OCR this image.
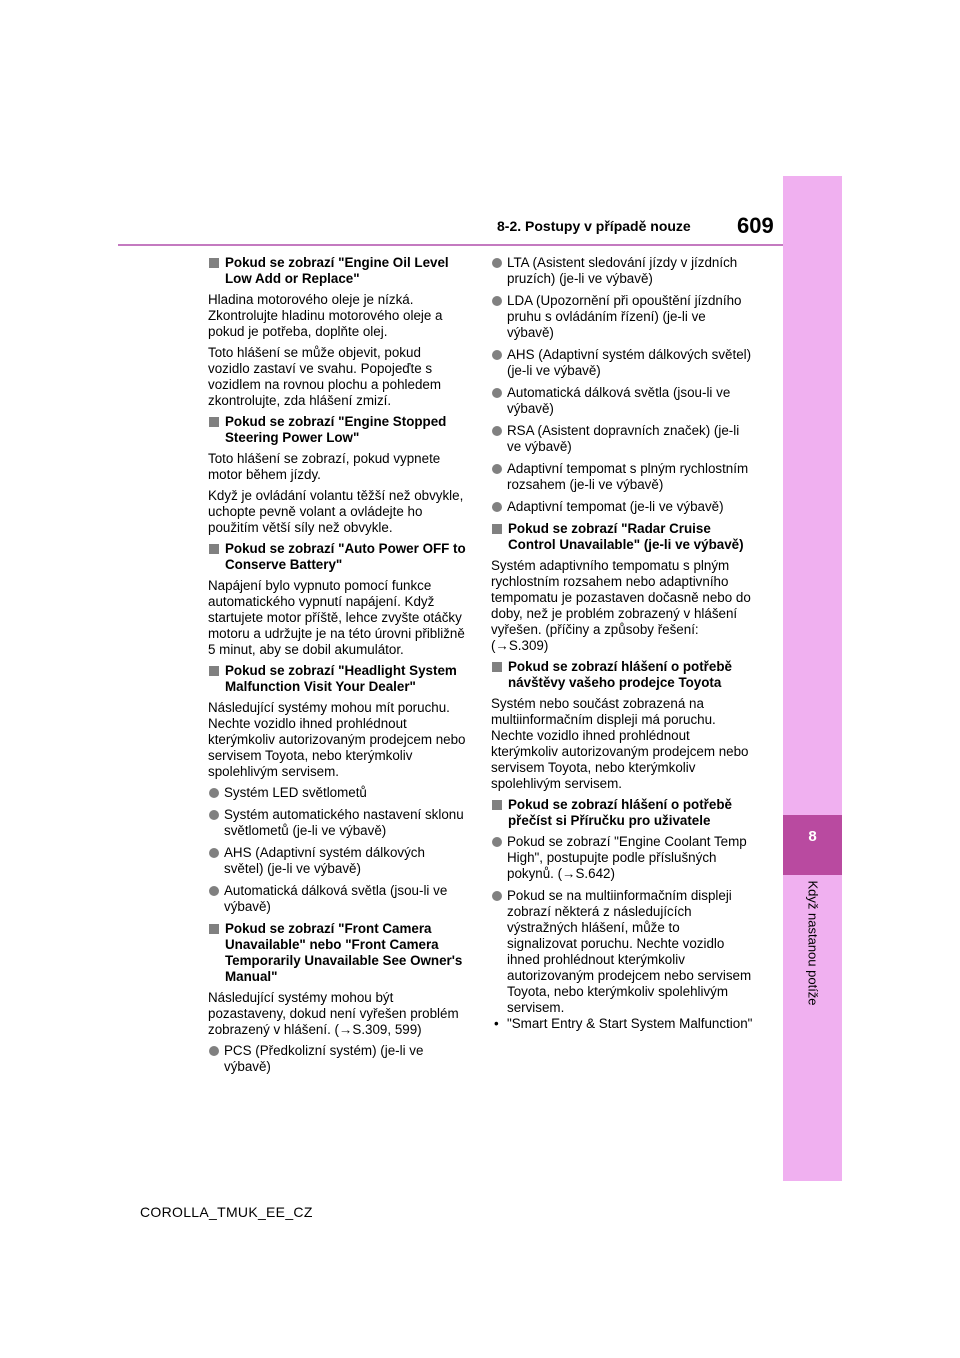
8
Když nastanou potíže
8-2. Postupy v případě nouze 609
Pokud se zobrazí "Engine Oil Level Low Add or Replace"

Hladina motorového oleje je nízká. Zkontrolujte hladinu motorového oleje a pokud je potřeba, doplňte olej.

Toto hlášení se může objevit, pokud vozidlo zastaví ve svahu. Popojeďte s vozidlem na rovnou plochu a pohledem zkontrolujte, zda hlášení zmizí.

Pokud se zobrazí "Engine Stopped Steering Power Low"

Toto hlášení se zobrazí, pokud vypnete motor během jízdy.

Když je ovládání volantu těžší než obvykle, uchopte pevně volant a ovládejte ho použitím větší síly než obvykle.

Pokud se zobrazí "Auto Power OFF to Conserve Battery"

Napájení bylo vypnuto pomocí funkce automatického vypnutí napájení. Když startujete motor příště, lehce zvyšte otáčky motoru a udržujte je na této úrovni přibližně 5 minut, aby se dobil akumulátor.

Pokud se zobrazí "Headlight System Malfunction Visit Your Dealer"

Následující systémy mohou mít poruchu. Nechte vozidlo ihned prohlédnout kterýmkoliv autorizovaným prodejcem nebo servisem Toyota, nebo kterýmkoliv spolehlivým servisem.

Systém LED světlometů
Systém automatického nastavení sklonu světlometů (je-li ve výbavě)
AHS (Adaptivní systém dálkových světel) (je-li ve výbavě)
Automatická dálková světla (jsou-li ve výbavě)
Pokud se zobrazí "Front Camera Unavailable" nebo "Front Camera Temporarily Unavailable See Owner's Manual"

Následující systémy mohou být pozastaveny, dokud není vyřešen problém zobrazený v hlášení. (→S.309, 599)

PCS (Předkolizní systém) (je-li ve výbavě)
LTA (Asistent sledování jízdy v jízdních pruzích) (je-li ve výbavě)
LDA (Upozornění při opouštění jízdního pruhu s ovládáním řízení) (je-li ve výbavě)
AHS (Adaptivní systém dálkových světel) (je-li ve výbavě)
Automatická dálková světla (jsou-li ve výbavě)
RSA (Asistent dopravních značek) (je-li ve výbavě)
Adaptivní tempomat s plným rychlostním rozsahem (je-li ve výbavě)
Adaptivní tempomat (je-li ve výbavě)
Pokud se zobrazí "Radar Cruise Control Unavailable" (je-li ve výbavě)

Systém adaptivního tempomatu s plným rychlostním rozsahem nebo adaptivního tempomatu je pozastaven dočasně nebo do doby, než je problém zobrazený v hlášení vyřešen. (příčiny a způsoby řešení: (→S.309)

Pokud se zobrazí hlášení o potřebě návštěvy vašeho prodejce Toyota

Systém nebo součást zobrazená na multiinformačním displeji má poruchu. Nechte vozidlo ihned prohlédnout kterýmkoliv autorizovaným prodejcem nebo servisem Toyota, nebo kterýmkoliv spolehlivým servisem.

Pokud se zobrazí hlášení o potřebě přečíst si Příručku pro uživatele
Pokud se zobrazí "Engine Coolant Temp High", postupujte podle příslušných pokynů. (→S.642)
Pokud se na multiinformačním displeji zobrazí některá z následujících výstražných hlášení, může to signalizovat poruchu. Nechte vozidlo ihned prohlédnout kterýmkoliv autorizovaným prodejcem nebo servisem Toyota, nebo kterýmkoliv spolehlivým servisem.
• "Smart Entry & Start System Malfunction"
COROLLA_TMUK_EE_CZ
